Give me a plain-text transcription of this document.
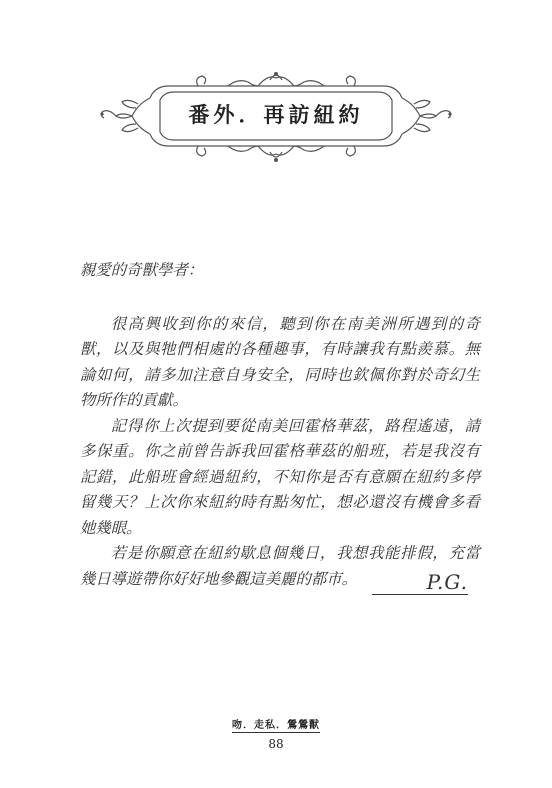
番外．再訪紐約

親愛的奇獸學者：

很高興收到你的來信，聽到你在南美洲所遇到的奇獸，以及與牠們相處的各種趣事，有時讓我有點羨慕。無論如何，請多加注意自身安全，同時也欽佩你對於奇幻生物所作的貢獻。

記得你上次提到要從南美回霍格華茲，路程遙遠，請多保重。你之前曾告訴我回霍格華茲的船班，若是我沒有記錯，此船班會經過紐約，不知你是否有意願在紐約多停留幾天？上次你來紐約時有點匆忙，想必還沒有機會多看她幾眼。

若是你願意在紐約歇息個幾日，我想我能排假，充當幾日導遊帶你好好地參觀這美麗的都市。	P.G.
吻．走私．鶯鶯獸
88
